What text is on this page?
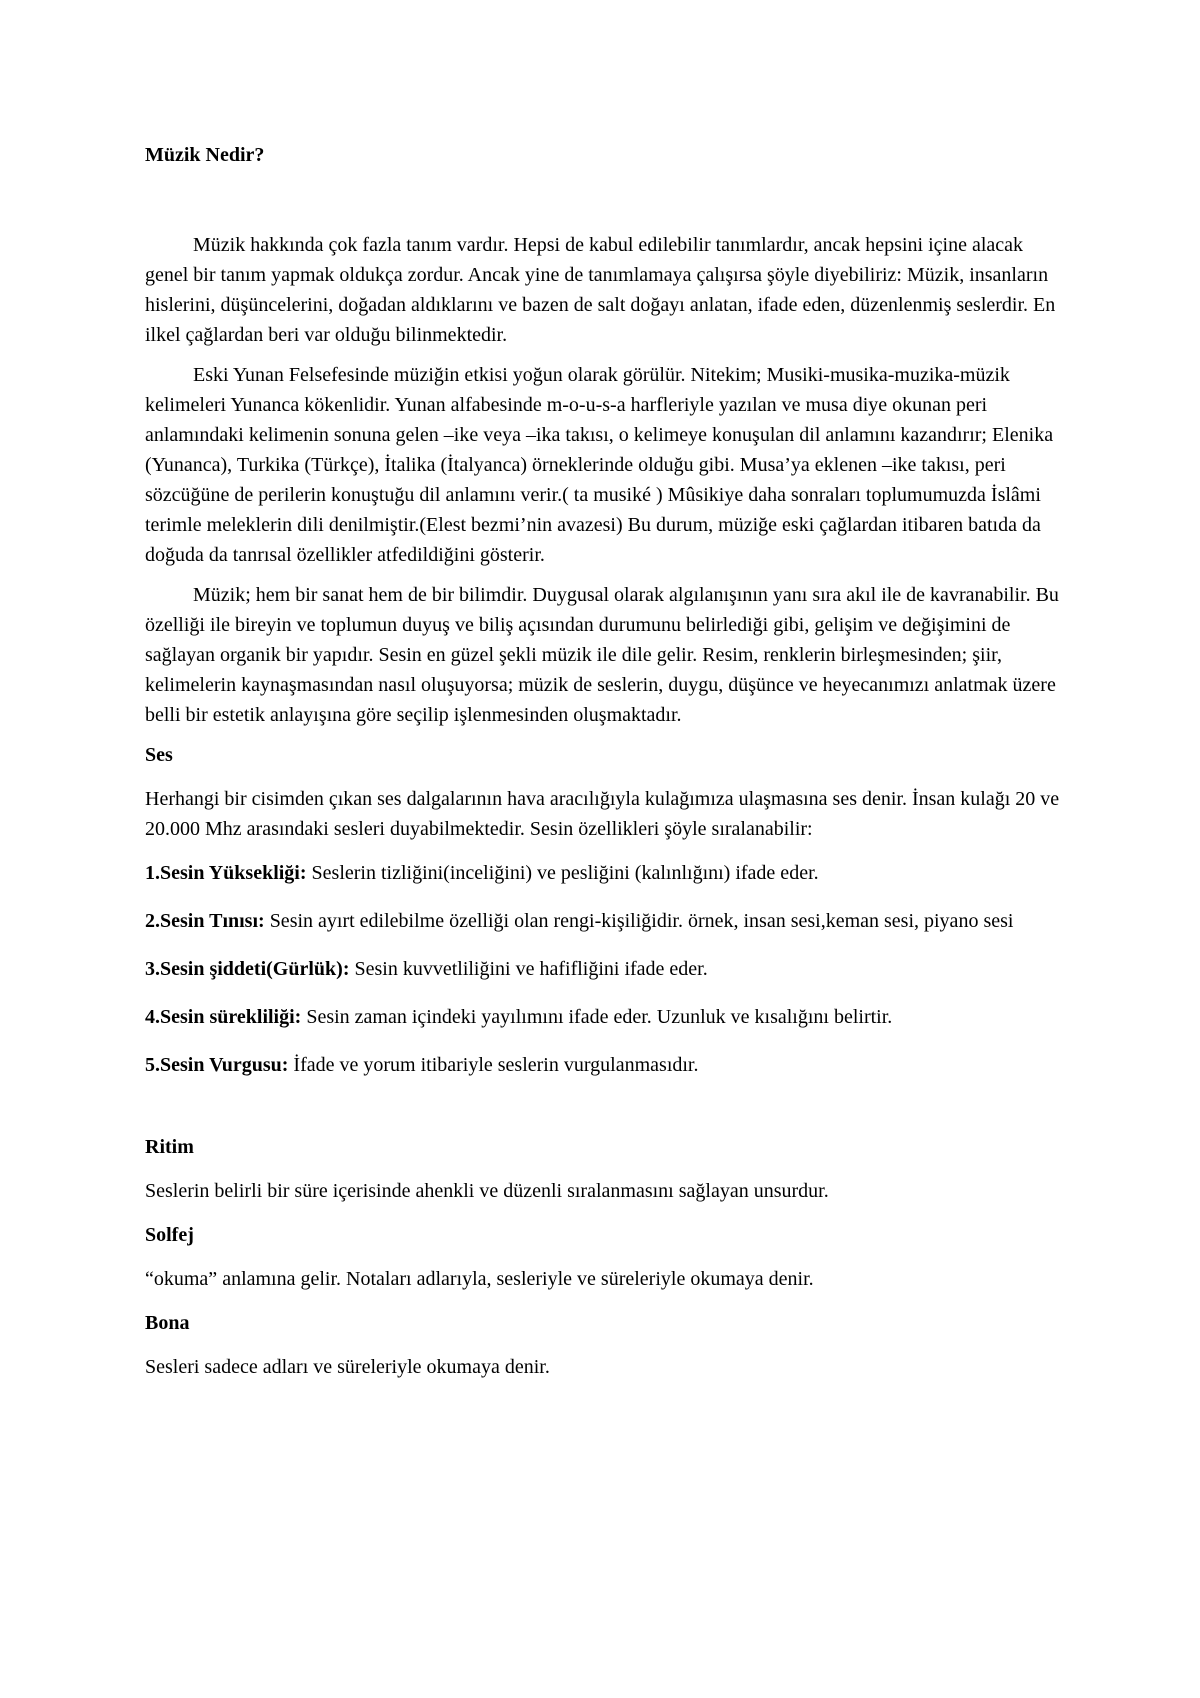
Müzik Nedir?

Müzik hakkında çok fazla tanım vardır. Hepsi de kabul edilebilir tanımlardır, ancak hepsini içine alacak genel bir tanım yapmak oldukça zordur. Ancak yine de tanımlamaya çalışırsa şöyle diyebiliriz: Müzik, insanların hislerini, düşüncelerini, doğadan aldıklarını ve bazen de salt doğayı anlatan, ifade eden, düzenlenmiş seslerdir. En ilkel çağlardan beri var olduğu bilinmektedir.

Eski Yunan Felsefesinde müziğin etkisi yoğun olarak görülür. Nitekim; Musiki-musika-muzika-müzik kelimeleri Yunanca kökenlidir. Yunan alfabesinde m-o-u-s-a harfleriyle yazılan ve musa diye okunan peri anlamındaki kelimenin sonuna gelen –ike veya –ika takısı, o kelimeye konuşulan dil anlamını kazandırır; Elenika (Yunanca), Turkika (Türkçe), İtalika (İtalyanca) örneklerinde olduğu gibi. Musa’ya eklenen –ike takısı, peri sözcüğüne de perilerin konuştuğu dil anlamını verir.( ta musiké ) Mûsikiye daha sonraları toplumumuzda İslâmi terimle meleklerin dili denilmiştir.(Elest bezmi’nin avazesi) Bu durum, müziğe eski çağlardan itibaren batıda da doğuda da tanrısal özellikler atfedildiğini gösterir.

Müzik; hem bir sanat hem de bir bilimdir. Duygusal olarak algılanışının yanı sıra akıl ile de kavranabilir. Bu özelliği ile bireyin ve toplumun duyuş ve biliş açısından durumunu belirlediği gibi, gelişim ve değişimini de sağlayan organik bir yapıdır. Sesin en güzel şekli müzik ile dile gelir. Resim, renklerin birleşmesinden; şiir, kelimelerin kaynaşmasından nasıl oluşuyorsa; müzik de seslerin, duygu, düşünce ve heyecanımızı anlatmak üzere belli bir estetik anlayışına göre seçilip işlenmesinden oluşmaktadır.

Ses

Herhangi bir cisimden çıkan ses dalgalarının hava aracılığıyla kulağımıza ulaşmasına ses denir. İnsan kulağı 20 ve 20.000 Mhz arasındaki sesleri duyabilmektedir. Sesin özellikleri şöyle sıralanabilir:

1.Sesin Yüksekliği: Seslerin tizliğini(inceliğini) ve pesliğini (kalınlığını) ifade eder.

2.Sesin Tınısı: Sesin ayırt edilebilme özelliği olan rengi-kişiliğidir. örnek, insan sesi,keman sesi, piyano sesi

3.Sesin şiddeti(Gürlük): Sesin kuvvetliliğini ve hafifliğini ifade eder.

4.Sesin sürekliliği: Sesin zaman içindeki yayılımını ifade eder. Uzunluk ve kısalığını belirtir.

5.Sesin Vurgusu: İfade ve yorum itibariyle seslerin vurgulanmasıdır.

Ritim

Seslerin belirli bir süre içerisinde ahenkli ve düzenli sıralanmasını sağlayan unsurdur.

Solfej

“okuma” anlamına gelir. Notaları adlarıyla, sesleriyle ve süreleriyle okumaya denir.

Bona

Sesleri sadece adları ve süreleriyle okumaya denir.
